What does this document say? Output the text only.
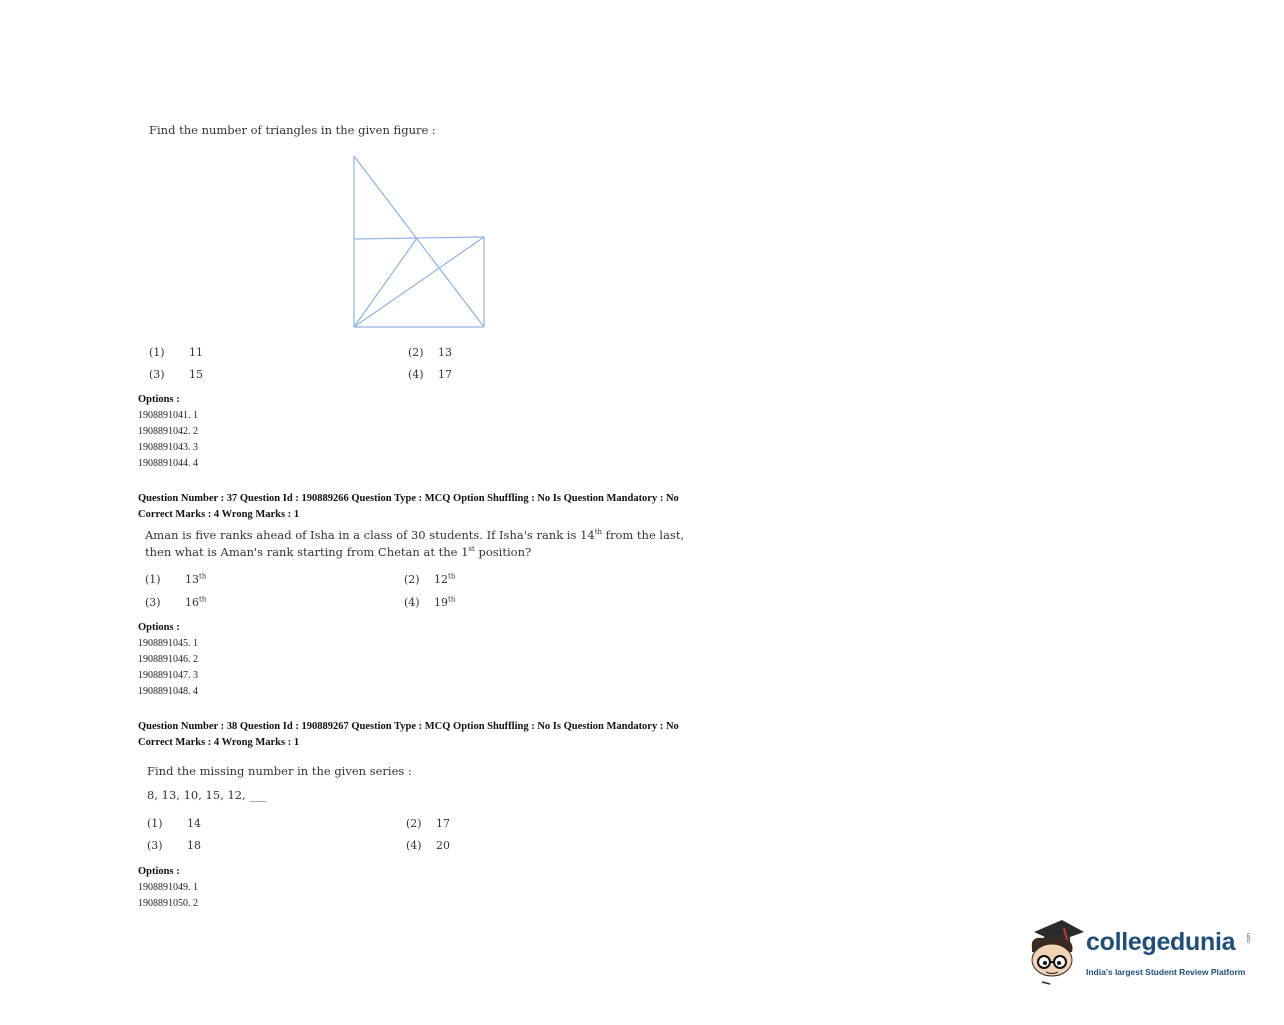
Find the number of triangles in the given figure :
(1) 11	(2) 13
(3) 15	(4) 17
Options :
1908891041. 1
1908891042. 2
1908891043. 3
1908891044. 4
Question Number : 37 Question Id : 190889266 Question Type : MCQ Option Shuffling : No Is Question Mandatory : No
Correct Marks : 4 Wrong Marks : 1
Aman is five ranks ahead of Isha in a class of 30 students. If Isha's rank is 14th from the last,
then what is Aman's rank starting from Chetan at the 1st position?
(1) 13th	(2) 12th
(3) 16th	(4) 19th
Options :
1908891045. 1
1908891046. 2
1908891047. 3
1908891048. 4
Question Number : 38 Question Id : 190889267 Question Type : MCQ Option Shuffling : No Is Question Mandatory : No
Correct Marks : 4 Wrong Marks : 1
Find the missing number in the given series :
8, 13, 10, 15, 12, ___
(1) 14	(2) 17
(3) 18	(4) 20
Options :
1908891049. 1
1908891050. 2
collegedunia .com
India's largest Student Review Platform
